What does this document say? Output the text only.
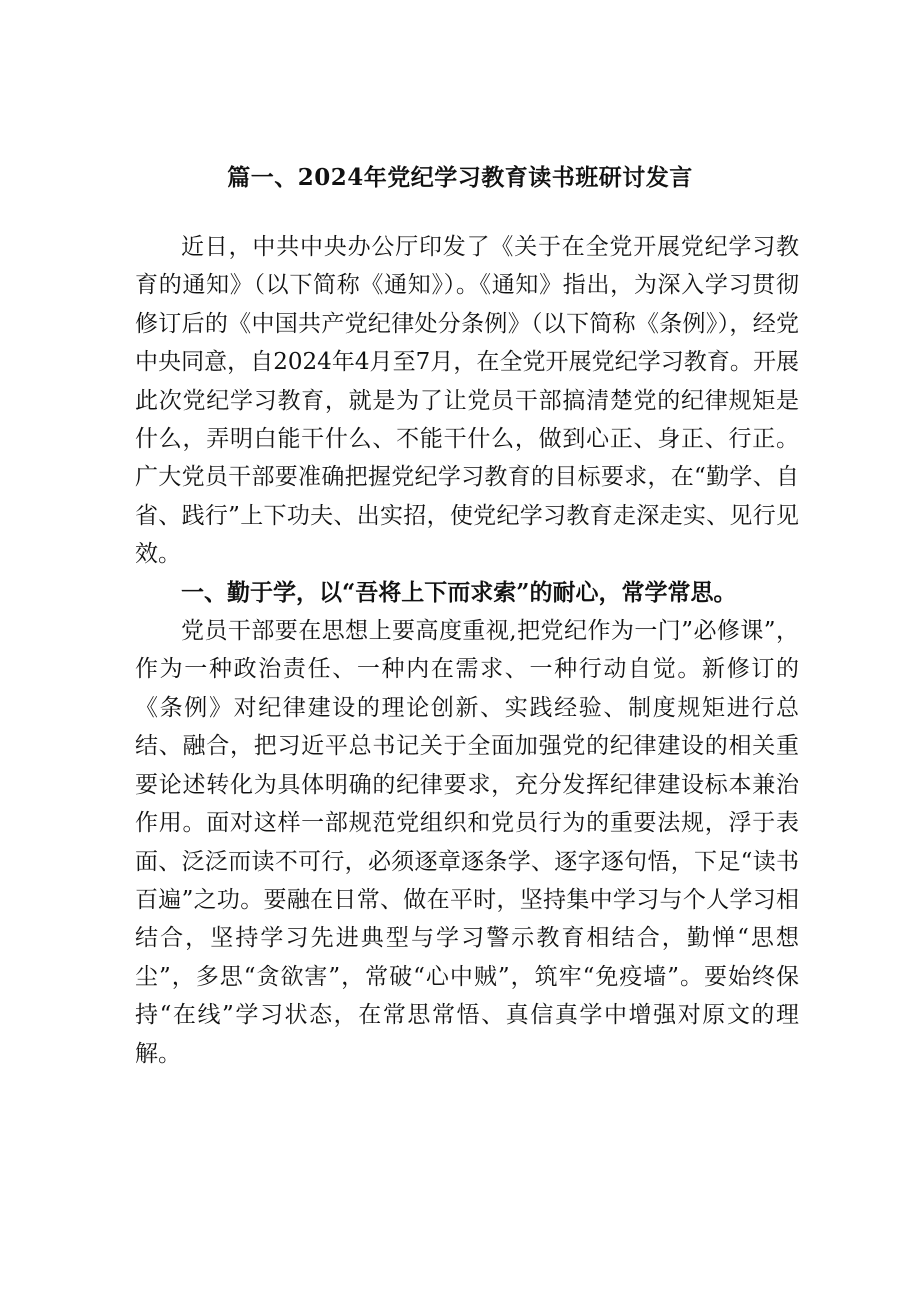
篇一、2024年党纪学习教育读书班研讨发言

近日，中共中央办公厅印发了《关于在全党开展党纪学习教育的通知》（以下简称《通知》）。《通知》指出，为深入学习贯彻修订后的《中国共产党纪律处分条例》（以下简称《条例》），经党中央同意，自2024年4月至7月，在全党开展党纪学习教育。开展此次党纪学习教育，就是为了让党员干部搞清楚党的纪律规矩是什么，弄明白能干什么、不能干什么，做到心正、身正、行正。广大党员干部要准确把握党纪学习教育的目标要求，在“勤学、自省、践行”上下功夫、出实招，使党纪学习教育走深走实、见行见效。

一、勤于学，以“吾将上下而求索”的耐心，常学常思。

党员干部要在思想上要高度重视,把党纪作为一门”必修课”，作为一种政治责任、一种内在需求、一种行动自觉。新修订的《条例》对纪律建设的理论创新、实践经验、制度规矩进行总结、融合，把习近平总书记关于全面加强党的纪律建设的相关重要论述转化为具体明确的纪律要求，充分发挥纪律建设标本兼治作用。面对这样一部规范党组织和党员行为的重要法规，浮于表面、泛泛而读不可行，必须逐章逐条学、逐字逐句悟，下足“读书百遍”之功。要融在日常、做在平时，坚持集中学习与个人学习相结合，坚持学习先进典型与学习警示教育相结合，勤惮“思想尘”，多思“贪欲害”，常破“心中贼”，筑牢“免疫墙”。要始终保持“在线”学习状态，在常思常悟、真信真学中增强对原文的理解。
